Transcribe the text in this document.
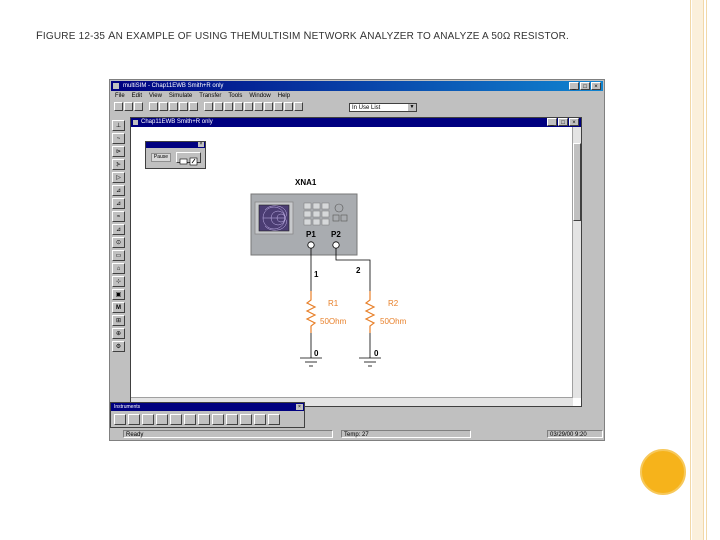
FIGURE 12-35 AN EXAMPLE OF USING THEMULTISIM NETWORK ANALYZER TO ANALYZE A 50Ω RESISTOR.
multiSIM - Chap11EWB Smith+R only	_	□	×
File Edit View Simulate Transfer Tools Window Help
In Use List	▼
⊥
~
⊳
⊱
▷
⊿
⊿
≈
⊿
⊙
▭
⌂
⊹
▣
M
⊞
⊕
⚙
Chap11EWB Smith+R only	_	□	×
Ready	Temp: 27	03/29/00 9:20
×
Pause
XNA1
P1 P2
1	2
R1
50Ohm
R2
50Ohm
0	0
Instruments	×
